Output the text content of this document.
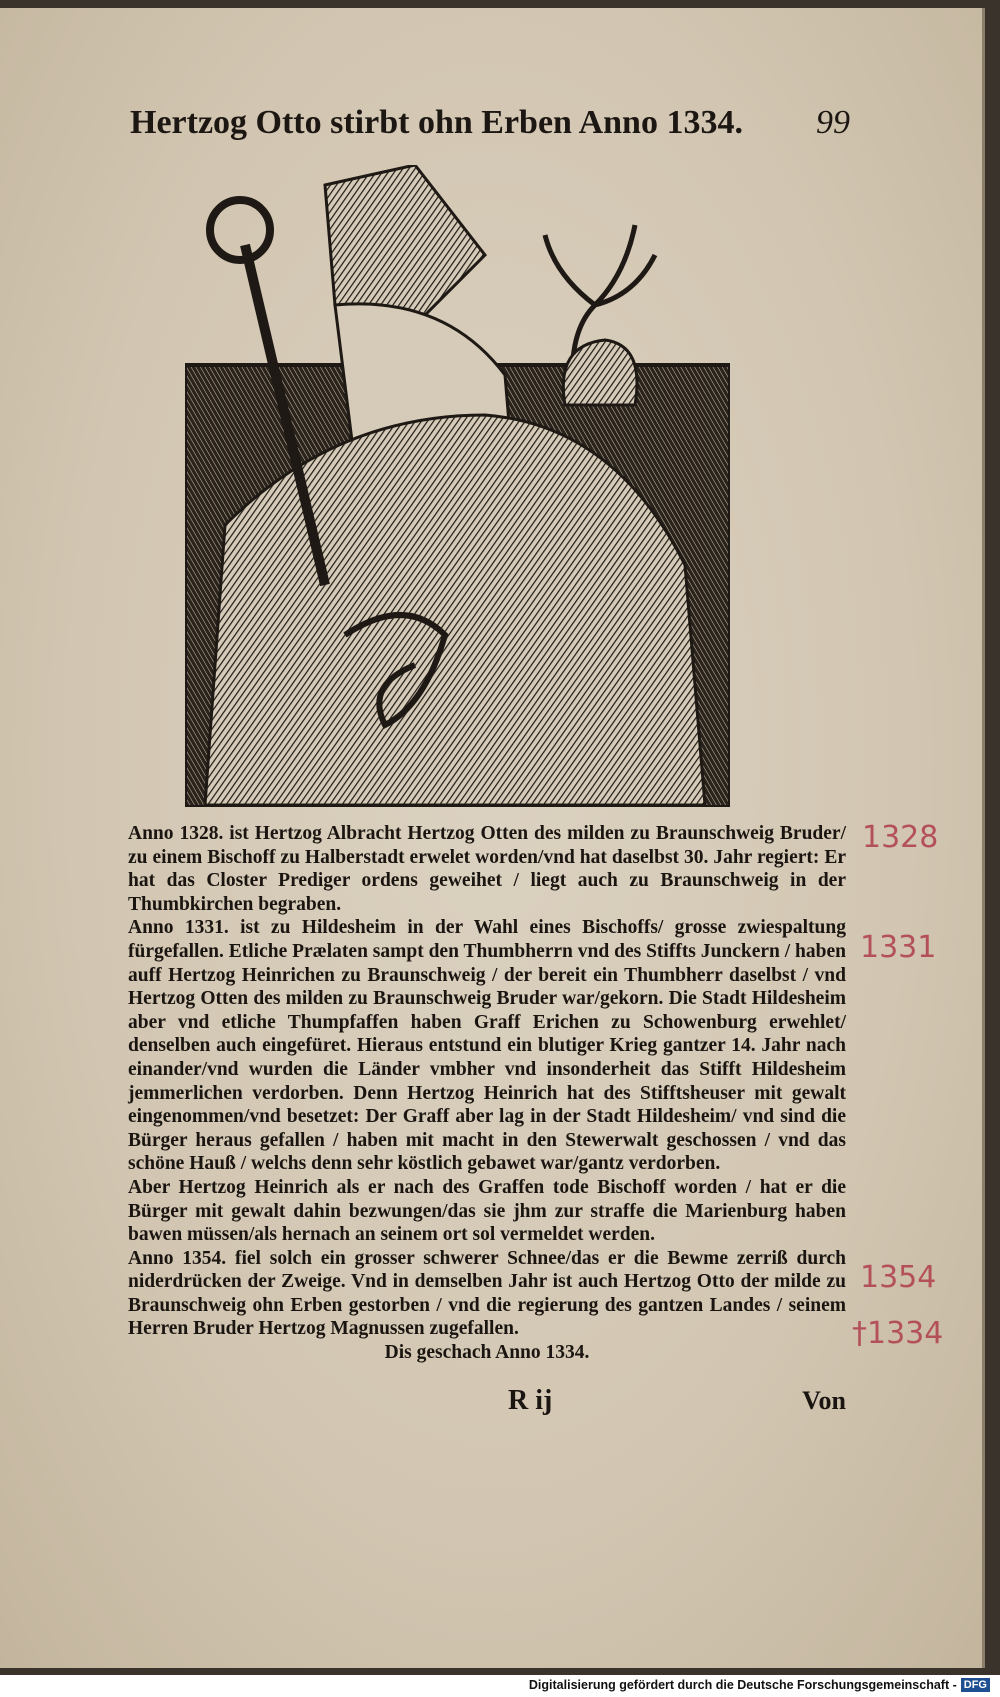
Hertzog Otto stirbt ohn Erben Anno 1334. 99

Anno 1328. ist Hertzog Albracht Hertzog Otten des milden zu Braunschweig Bruder/ zu einem Bischoff zu Halberstadt erwelet worden/vnd hat daselbst 30. Jahr regiert: Er hat das Closter Prediger ordens geweihet / liegt auch zu Braunschweig in der Thumbkirchen begraben.

Anno 1331. ist zu Hildesheim in der Wahl eines Bischoffs/ grosse zwiespaltung fürgefallen. Etliche Prælaten sampt den Thumbherrn vnd des Stiffts Junckern / haben auff Hertzog Heinrichen zu Braunschweig / der bereit ein Thumbherr daselbst / vnd Hertzog Otten des milden zu Braunschweig Bruder war/gekorn. Die Stadt Hildesheim aber vnd etliche Thumpfaffen haben Graff Erichen zu Schowenburg erwehlet/ denselben auch eingefüret. Hieraus entstund ein blutiger Krieg gantzer 14. Jahr nach einander/vnd wurden die Länder vmbher vnd insonderheit das Stifft Hildesheim jemmerlichen verdorben. Denn Hertzog Heinrich hat des Stifftsheuser mit gewalt eingenommen/vnd besetzet: Der Graff aber lag in der Stadt Hildesheim/ vnd sind die Bürger heraus gefallen / haben mit macht in den Stewerwalt geschossen / vnd das schöne Hauß / welchs denn sehr köstlich gebawet war/gantz verdorben.

Aber Hertzog Heinrich als er nach des Graffen tode Bischoff worden / hat er die Bürger mit gewalt dahin bezwungen/das sie jhm zur straffe die Marienburg haben bawen müssen/als hernach an seinem ort sol vermeldet werden.

Anno 1354. fiel solch ein grosser schwerer Schnee/das er die Bewme zerriß durch niderdrücken der Zweige. Vnd in demselben Jahr ist auch Hertzog Otto der milde zu Braunschweig ohn Erben gestorben / vnd die regierung des gantzen Landes / seinem Herren Bruder Hertzog Magnussen zugefallen.

Dis geschach Anno 1334.

R ij	Von
1328
1331
1354
†1334
Digitalisierung gefördert durch die Deutsche Forschungsgemeinschaft - DFG
